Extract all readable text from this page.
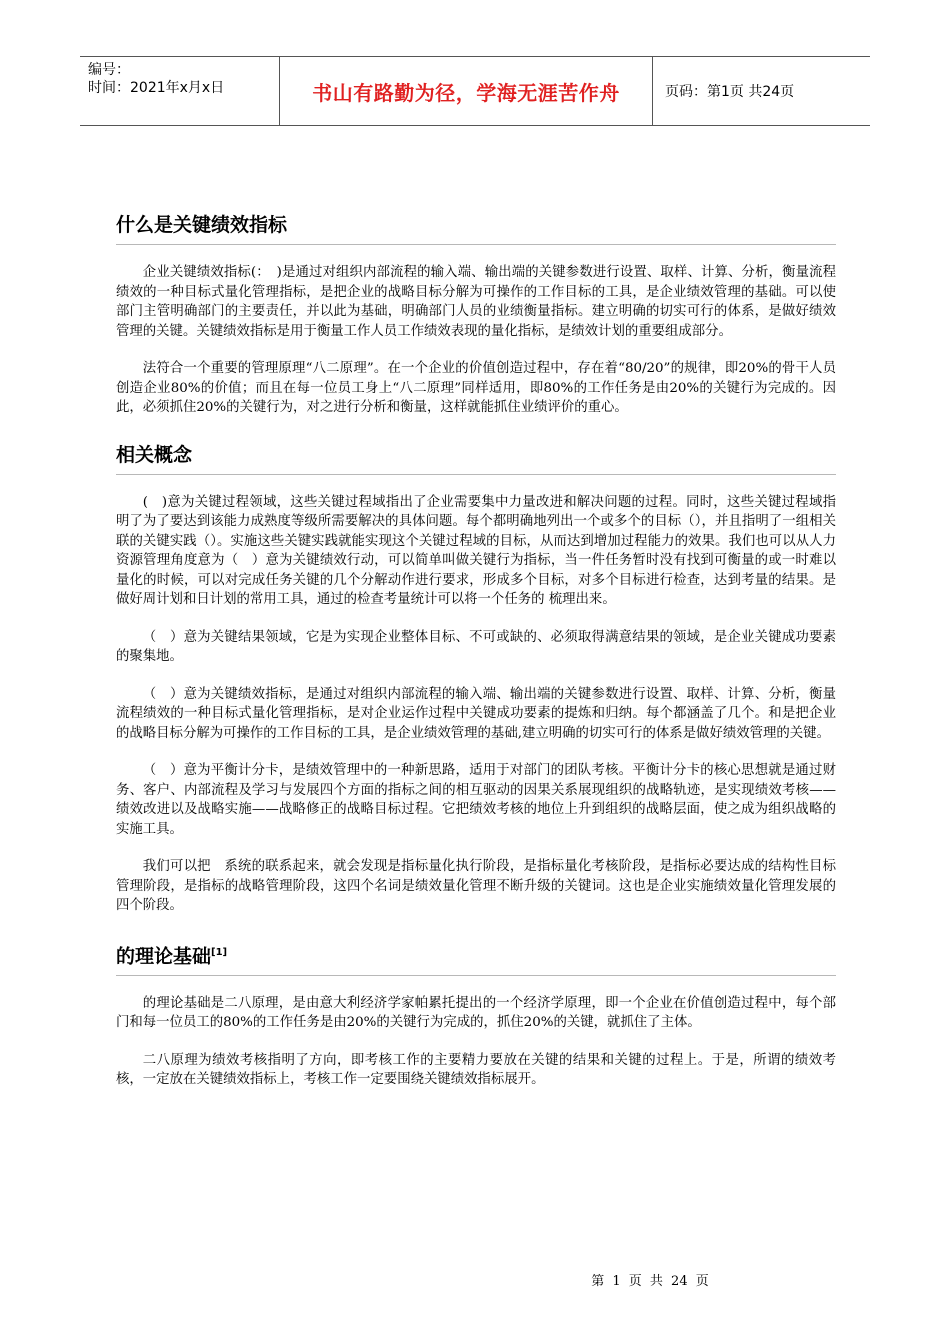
编号：
时间：2021年x月x日	书山有路勤为径，学海无涯苦作舟	页码：第1页 共24页
什么是关键绩效指标

企业关键绩效指标(：　)是通过对组织内部流程的输入端、输出端的关键参数进行设置、取样、计算、分析，衡量流程绩效的一种目标式量化管理指标，是把企业的战略目标分解为可操作的工作目标的工具，是企业绩效管理的基础。可以使部门主管明确部门的主要责任，并以此为基础，明确部门人员的业绩衡量指标。建立明确的切实可行的体系，是做好绩效管理的关键。关键绩效指标是用于衡量工作人员工作绩效表现的量化指标，是绩效计划的重要组成部分。

法符合一个重要的管理原理“八二原理”。在一个企业的价值创造过程中，存在着“80/20”的规律，即20%的骨干人员创造企业80%的价值；而且在每一位员工身上“八二原理”同样适用，即80%的工作任务是由20%的关键行为完成的。因此，必须抓住20%的关键行为，对之进行分析和衡量，这样就能抓住业绩评价的重心。

相关概念

(　)意为关键过程领域，这些关键过程域指出了企业需要集中力量改进和解决问题的过程。同时，这些关键过程域指明了为了要达到该能力成熟度等级所需要解决的具体问题。每个都明确地列出一个或多个的目标（），并且指明了一组相关联的关键实践（）。实施这些关键实践就能实现这个关键过程域的目标，从而达到增加过程能力的效果。我们也可以从人力资源管理角度意为（　）意为关键绩效行动，可以简单叫做关键行为指标，当一件任务暂时没有找到可衡量的或一时难以量化的时候，可以对完成任务关键的几个分解动作进行要求，形成多个目标，对多个目标进行检查，达到考量的结果。是做好周计划和日计划的常用工具，通过的检查考量统计可以将一个任务的 梳理出来。

（　）意为关键结果领域，它是为实现企业整体目标、不可或缺的、必须取得满意结果的领域，是企业关键成功要素的聚集地。

（　）意为关键绩效指标，是通过对组织内部流程的输入端、输出端的关键参数进行设置、取样、计算、分析，衡量流程绩效的一种目标式量化管理指标，是对企业运作过程中关键成功要素的提炼和归纳。每个都涵盖了几个。和是把企业的战略目标分解为可操作的工作目标的工具，是企业绩效管理的基础,建立明确的切实可行的体系是做好绩效管理的关键。

（　）意为平衡计分卡，是绩效管理中的一种新思路，适用于对部门的团队考核。平衡计分卡的核心思想就是通过财务、客户、内部流程及学习与发展四个方面的指标之间的相互驱动的因果关系展现组织的战略轨迹，是实现绩效考核——绩效改进以及战略实施——战略修正的战略目标过程。它把绩效考核的地位上升到组织的战略层面，使之成为组织战略的实施工具。

我们可以把　系统的联系起来，就会发现是指标量化执行阶段，是指标量化考核阶段，是指标必要达成的结构性目标管理阶段，是指标的战略管理阶段，这四个名词是绩效量化管理不断升级的关键词。这也是企业实施绩效量化管理发展的四个阶段。

的理论基础[1]

的理论基础是二八原理，是由意大利经济学家帕累托提出的一个经济学原理，即一个企业在价值创造过程中，每个部门和每一位员工的80%的工作任务是由20%的关键行为完成的，抓住20%的关键，就抓住了主体。

二八原理为绩效考核指明了方向，即考核工作的主要精力要放在关键的结果和关键的过程上。于是，所谓的绩效考核，一定放在关键绩效指标上，考核工作一定要围绕关键绩效指标展开。

第 1 页 共 24 页
